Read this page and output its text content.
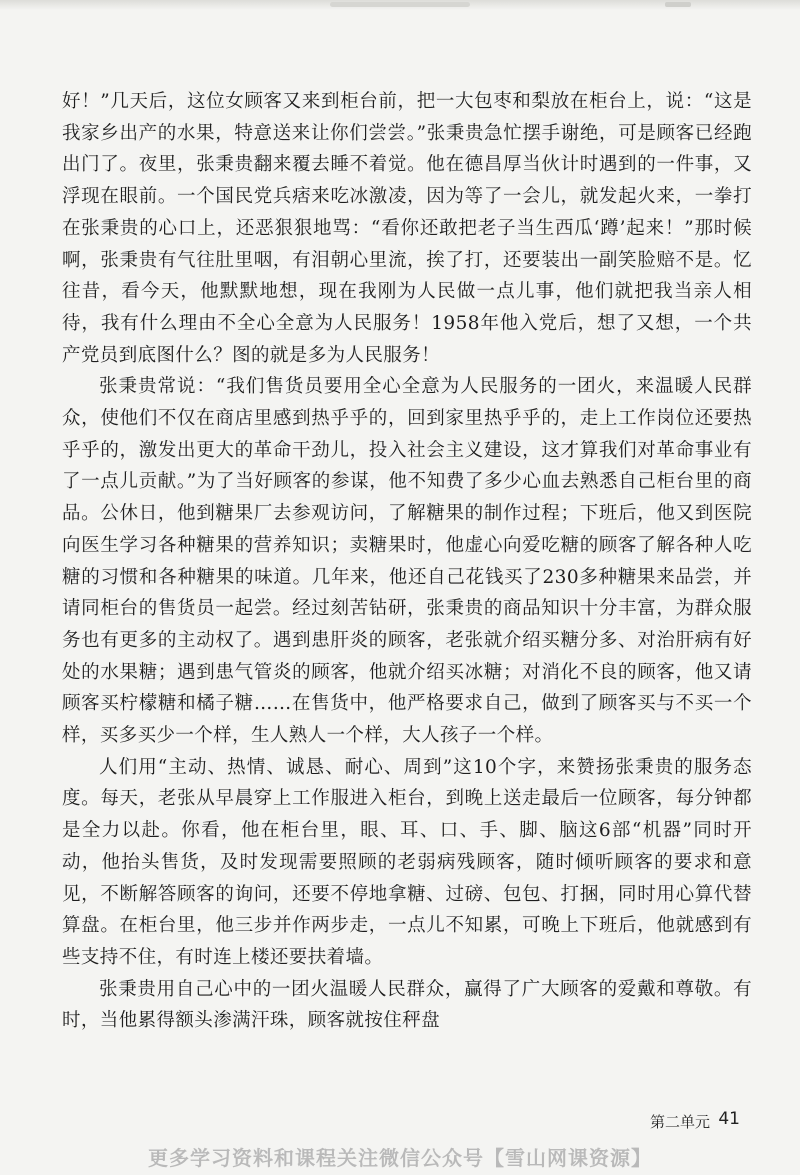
好！”几天后，这位女顾客又来到柜台前，把一大包枣和梨放在柜台上，说：“这是我家乡出产的水果，特意送来让你们尝尝。”张秉贵急忙摆手谢绝，可是顾客已经跑出门了。夜里，张秉贵翻来覆去睡不着觉。他在德昌厚当伙计时遇到的一件事，又浮现在眼前。一个国民党兵痞来吃冰激凌，因为等了一会儿，就发起火来，一拳打在张秉贵的心口上，还恶狠狠地骂：“看你还敢把老子当生西瓜‘蹲’起来！”那时候啊，张秉贵有气往肚里咽，有泪朝心里流，挨了打，还要装出一副笑脸赔不是。忆往昔，看今天，他默默地想，现在我刚为人民做一点儿事，他们就把我当亲人相待，我有什么理由不全心全意为人民服务！1958年他入党后，想了又想，一个共产党员到底图什么？图的就是多为人民服务！

张秉贵常说：“我们售货员要用全心全意为人民服务的一团火，来温暖人民群众，使他们不仅在商店里感到热乎乎的，回到家里热乎乎的，走上工作岗位还要热乎乎的，激发出更大的革命干劲儿，投入社会主义建设，这才算我们对革命事业有了一点儿贡献。”为了当好顾客的参谋，他不知费了多少心血去熟悉自己柜台里的商品。公休日，他到糖果厂去参观访问，了解糖果的制作过程；下班后，他又到医院向医生学习各种糖果的营养知识；卖糖果时，他虚心向爱吃糖的顾客了解各种人吃糖的习惯和各种糖果的味道。几年来，他还自己花钱买了230多种糖果来品尝，并请同柜台的售货员一起尝。经过刻苦钻研，张秉贵的商品知识十分丰富，为群众服务也有更多的主动权了。遇到患肝炎的顾客，老张就介绍买糖分多、对治肝病有好处的水果糖；遇到患气管炎的顾客，他就介绍买冰糖；对消化不良的顾客，他又请顾客买柠檬糖和橘子糖……在售货中，他严格要求自己，做到了顾客买与不买一个样，买多买少一个样，生人熟人一个样，大人孩子一个样。

人们用“主动、热情、诚恳、耐心、周到”这10个字，来赞扬张秉贵的服务态度。每天，老张从早晨穿上工作服进入柜台，到晚上送走最后一位顾客，每分钟都是全力以赴。你看，他在柜台里，眼、耳、口、手、脚、脑这6部“机器”同时开动，他抬头售货，及时发现需要照顾的老弱病残顾客，随时倾听顾客的要求和意见，不断解答顾客的询问，还要不停地拿糖、过磅、包包、打捆，同时用心算代替算盘。在柜台里，他三步并作两步走，一点儿不知累，可晚上下班后，他就感到有些支持不住，有时连上楼还要扶着墙。

张秉贵用自己心中的一团火温暖人民群众，赢得了广大顾客的爱戴和尊敬。有时，当他累得额头渗满汗珠，顾客就按住秤盘

第二单元 41
更多学习资料和课程关注微信公众号【雪山网课资源】
